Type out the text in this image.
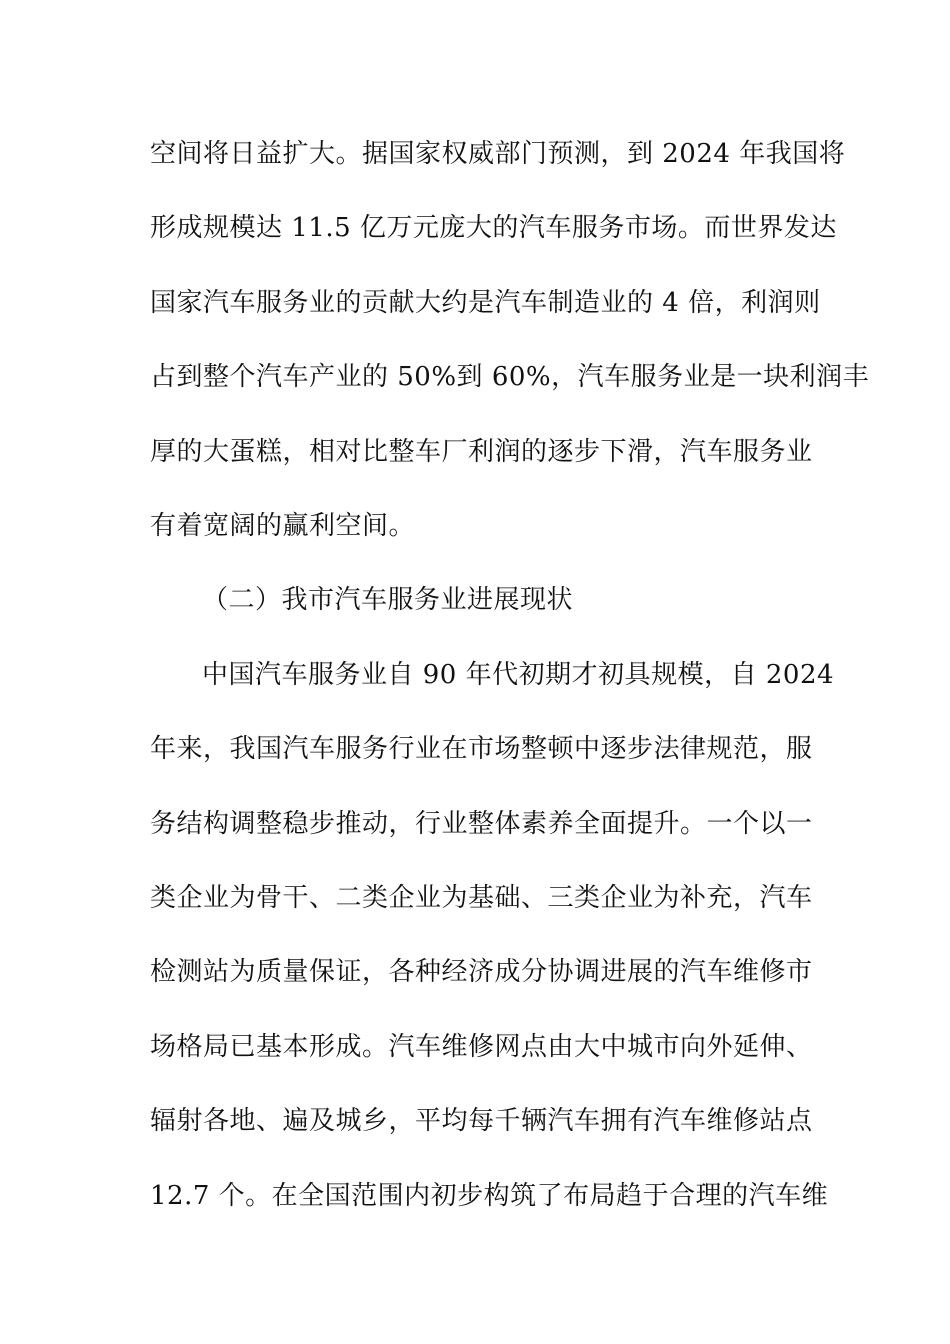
空间将日益扩大。据国家权威部门预测，到 2024 年我国将
形成规模达 11.5 亿万元庞大的汽车服务市场。而世界发达
国家汽车服务业的贡献大约是汽车制造业的 4 倍，利润则
占到整个汽车产业的 50%到 60%，汽车服务业是一块利润丰
厚的大蛋糕，相对比整车厂利润的逐步下滑，汽车服务业
有着宽阔的赢利空间。
（二）我市汽车服务业进展现状
中国汽车服务业自 90 年代初期才初具规模，自 2024
年来，我国汽车服务行业在市场整顿中逐步法律规范，服
务结构调整稳步推动，行业整体素养全面提升。一个以一
类企业为骨干、二类企业为基础、三类企业为补充，汽车
检测站为质量保证，各种经济成分协调进展的汽车维修市
场格局已基本形成。汽车维修网点由大中城市向外延伸、
辐射各地、遍及城乡，平均每千辆汽车拥有汽车维修站点
12.7 个。在全国范围内初步构筑了布局趋于合理的汽车维
